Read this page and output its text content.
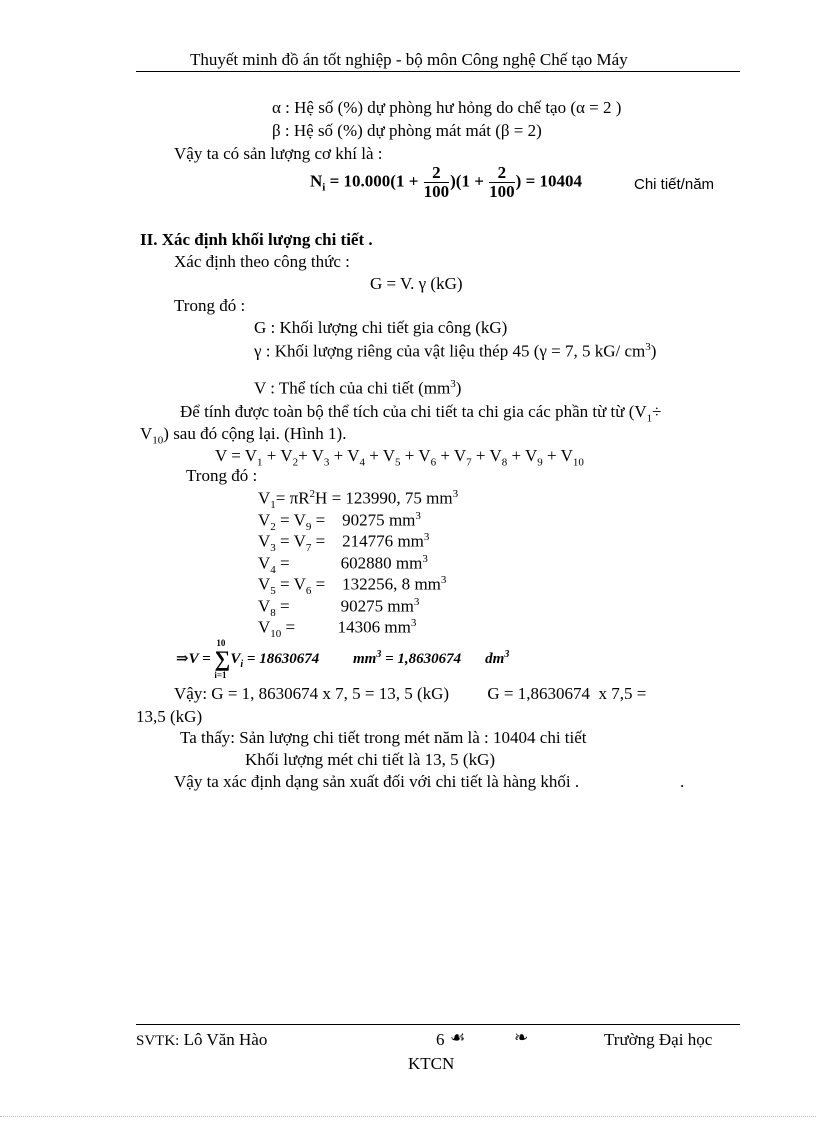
Thuyết minh đồ án tốt nghiệp - bộ môn Công nghệ Chế tạo Máy
α : Hệ số (%) dự phòng hư hỏng do chế tạo (α = 2 )
β : Hệ số (%) dự phòng mát mát (β = 2)
Vậy ta có sản lượng cơ khí là :
$N_i = 10.000(1 + \frac{2}{100} )(1 + \frac{2}{100}$ ) = 10404	Chi tiết/năm
II. Xác định khối lượng chi tiết .
Xác định theo công thức :
G = V. γ (kG)
Trong đó :
G : Khối lượng chi tiết gia công (kG)
γ : Khối lượng riêng của vật liệu thép 45 (γ = 7, 5 kG/ $cm^3$)
V : Thể tích của chi tiết $(mm^3)$
Để tính được toàn bộ thể tích của chi tiết ta chi gia các phần từ từ ($V_1\div$
$V_{10}$) sau đó cộng lại. (Hình 1).
$V = V_1 + V_2+ V_3 + V_4 + V_5 + V_6 + V_7 + V_8 + V_9 + V_{10}$
Trong đó :
$V_1= \pi R^2H = 123990$, 75 $mm^3$
$V_2 = V_9$ =    90275 $mm^3$
$V_3 = V_7$ =    214776 $mm^3$
$V_4$ =            602880 $mm^3$
$V_5 = V_6$ =    132256, 8 $mm^3$
$V_8$ =            90275 $mm^3$
$V_{10}$ =          14306 $mm^3$
⇒V =
10
∑
i=1
$V_i = 18630674$ $mm^3 = 1,8630674$ $dm^3$
Vậy: G = 1, 8630674 x 7, 5 = 13, 5 (kG)         G = 1,8630674  x 7,5 =
13,5 (kG)
Ta thấy: Sản lượng chi tiết trong mét năm là : 10404 chi tiết
Khối lượng mét chi tiết là 13, 5 (kG)
Vậy ta xác định dạng sản xuất đối với chi tiết là hàng khối .	.
SVTK: Lô Văn Hào	6 ☙	❧	Trường Đại học
KTCN
